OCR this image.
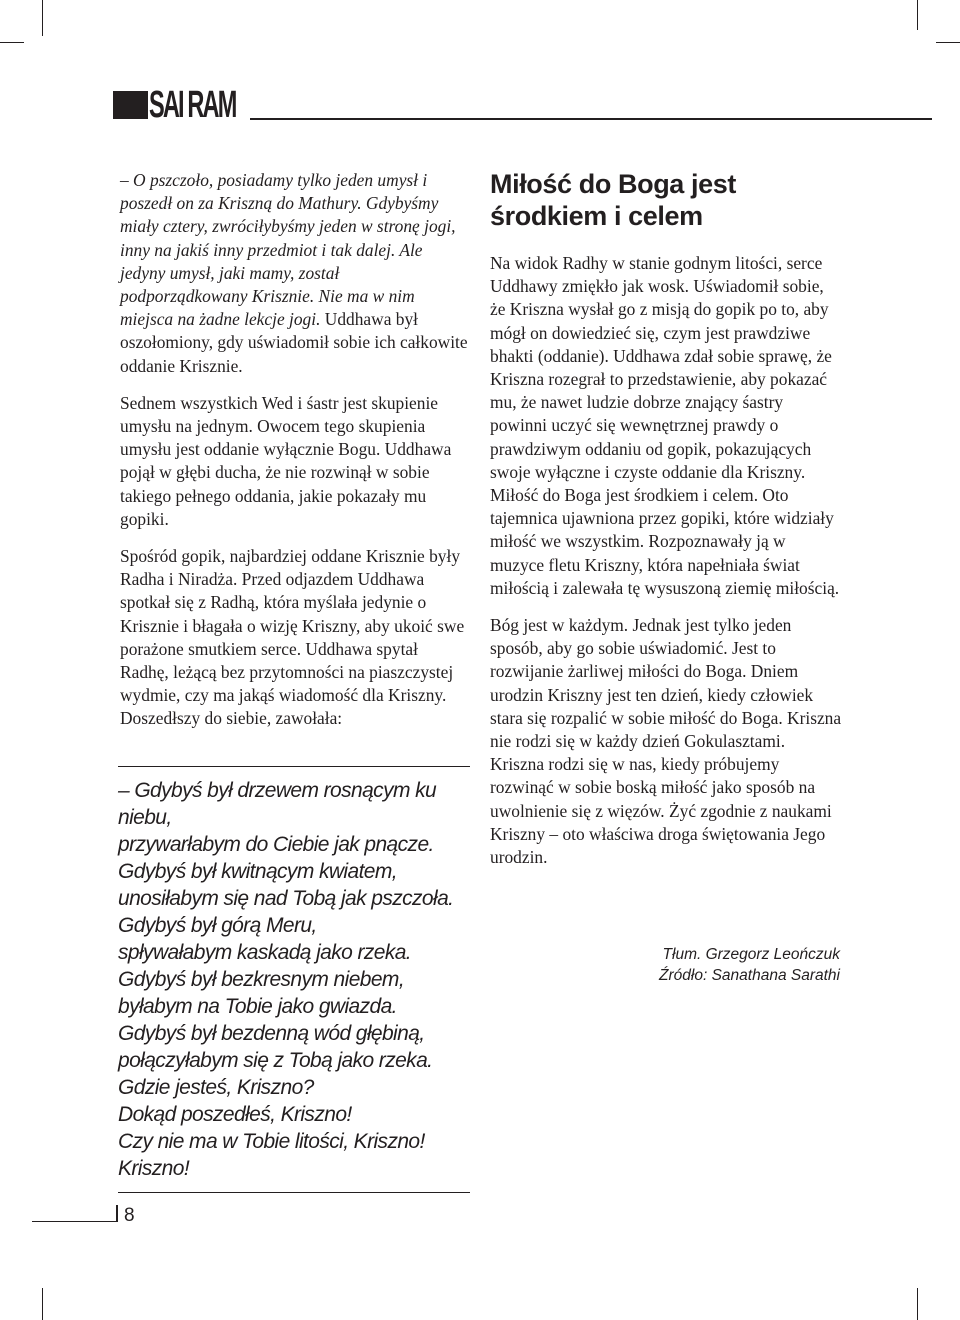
SAI RAM

– O pszczoło, posiadamy tylko jeden umysł i poszedł on za Kriszną do Mathury. Gdybyśmy miały cztery, zwróciłybyśmy jeden w stronę jogi, inny na jakiś inny przedmiot i tak dalej. Ale jedyny umysł, jaki mamy, został podporządkowany Krisznie. Nie ma w nim miejsca na żadne lekcje jogi. Uddhawa był oszołomiony, gdy uświadomił sobie ich całkowite oddanie Krisznie.

Sednem wszystkich Wed i śastr jest skupienie umysłu na jednym. Owocem tego skupienia umysłu jest oddanie wyłącznie Bogu. Uddhawa pojął w głębi ducha, że nie rozwinął w sobie takiego pełnego oddania, jakie pokazały mu gopiki.

Spośród gopik, najbardziej oddane Krisznie były Radha i Niradża. Przed odjazdem Uddhawa spotkał się z Radhą, która myślała jedynie o Krisznie i błagała o wizję Kriszny, aby ukoić swe porażone smutkiem serce. Uddhawa spytał Radhę, leżącą bez przytomności na piaszczystej wydmie, czy ma jakąś wiadomość dla Kriszny. Doszedłszy do siebie, zawołała:

– Gdybyś był drzewem rosnącym ku niebu,
przywarłabym do Ciebie jak pnącze.
Gdybyś był kwitnącym kwiatem,
unosiłabym się nad Tobą jak pszczoła.
Gdybyś był górą Meru,
spływałabym kaskadą jako rzeka.
Gdybyś był bezkresnym niebem,
byłabym na Tobie jako gwiazda.
Gdybyś był bezdenną wód głębiną,
połączyłabym się z Tobą jako rzeka.
Gdzie jesteś, Kriszno?
Dokąd poszedłeś, Kriszno!
Czy nie ma w Tobie litości, Kriszno!
Kriszno!
Miłość do Boga jest środkiem i celem

Na widok Radhy w stanie godnym litości, serce Uddhawy zmiękło jak wosk. Uświadomił sobie, że Kriszna wysłał go z misją do gopik po to, aby mógł on dowiedzieć się, czym jest prawdziwe bhakti (oddanie). Uddhawa zdał sobie sprawę, że Kriszna rozegrał to przedstawienie, aby pokazać mu, że nawet ludzie dobrze znający śastry powinni uczyć się wewnętrznej prawdy o prawdziwym oddaniu od gopik, pokazujących swoje wyłączne i czyste oddanie dla Kriszny. Miłość do Boga jest środkiem i celem. Oto tajemnica ujawniona przez gopiki, które widziały miłość we wszystkim. Rozpoznawały ją w muzyce fletu Kriszny, która napełniała świat miłością i zalewała tę wysuszoną ziemię miłością.

Bóg jest w każdym. Jednak jest tylko jeden sposób, aby go sobie uświadomić. Jest to rozwijanie żarliwej miłości do Boga. Dniem urodzin Kriszny jest ten dzień, kiedy człowiek stara się rozpalić w sobie miłość do Boga. Kriszna nie rodzi się w każdy dzień Gokulasztami. Kriszna rodzi się w nas, kiedy próbujemy rozwinąć w sobie boską miłość jako sposób na uwolnienie się z więzów. Żyć zgodnie z naukami Kriszny – oto właściwa droga świętowania Jego urodzin.

Tłum. Grzegorz Leończuk
Źródło: Sanathana Sarathi
8
